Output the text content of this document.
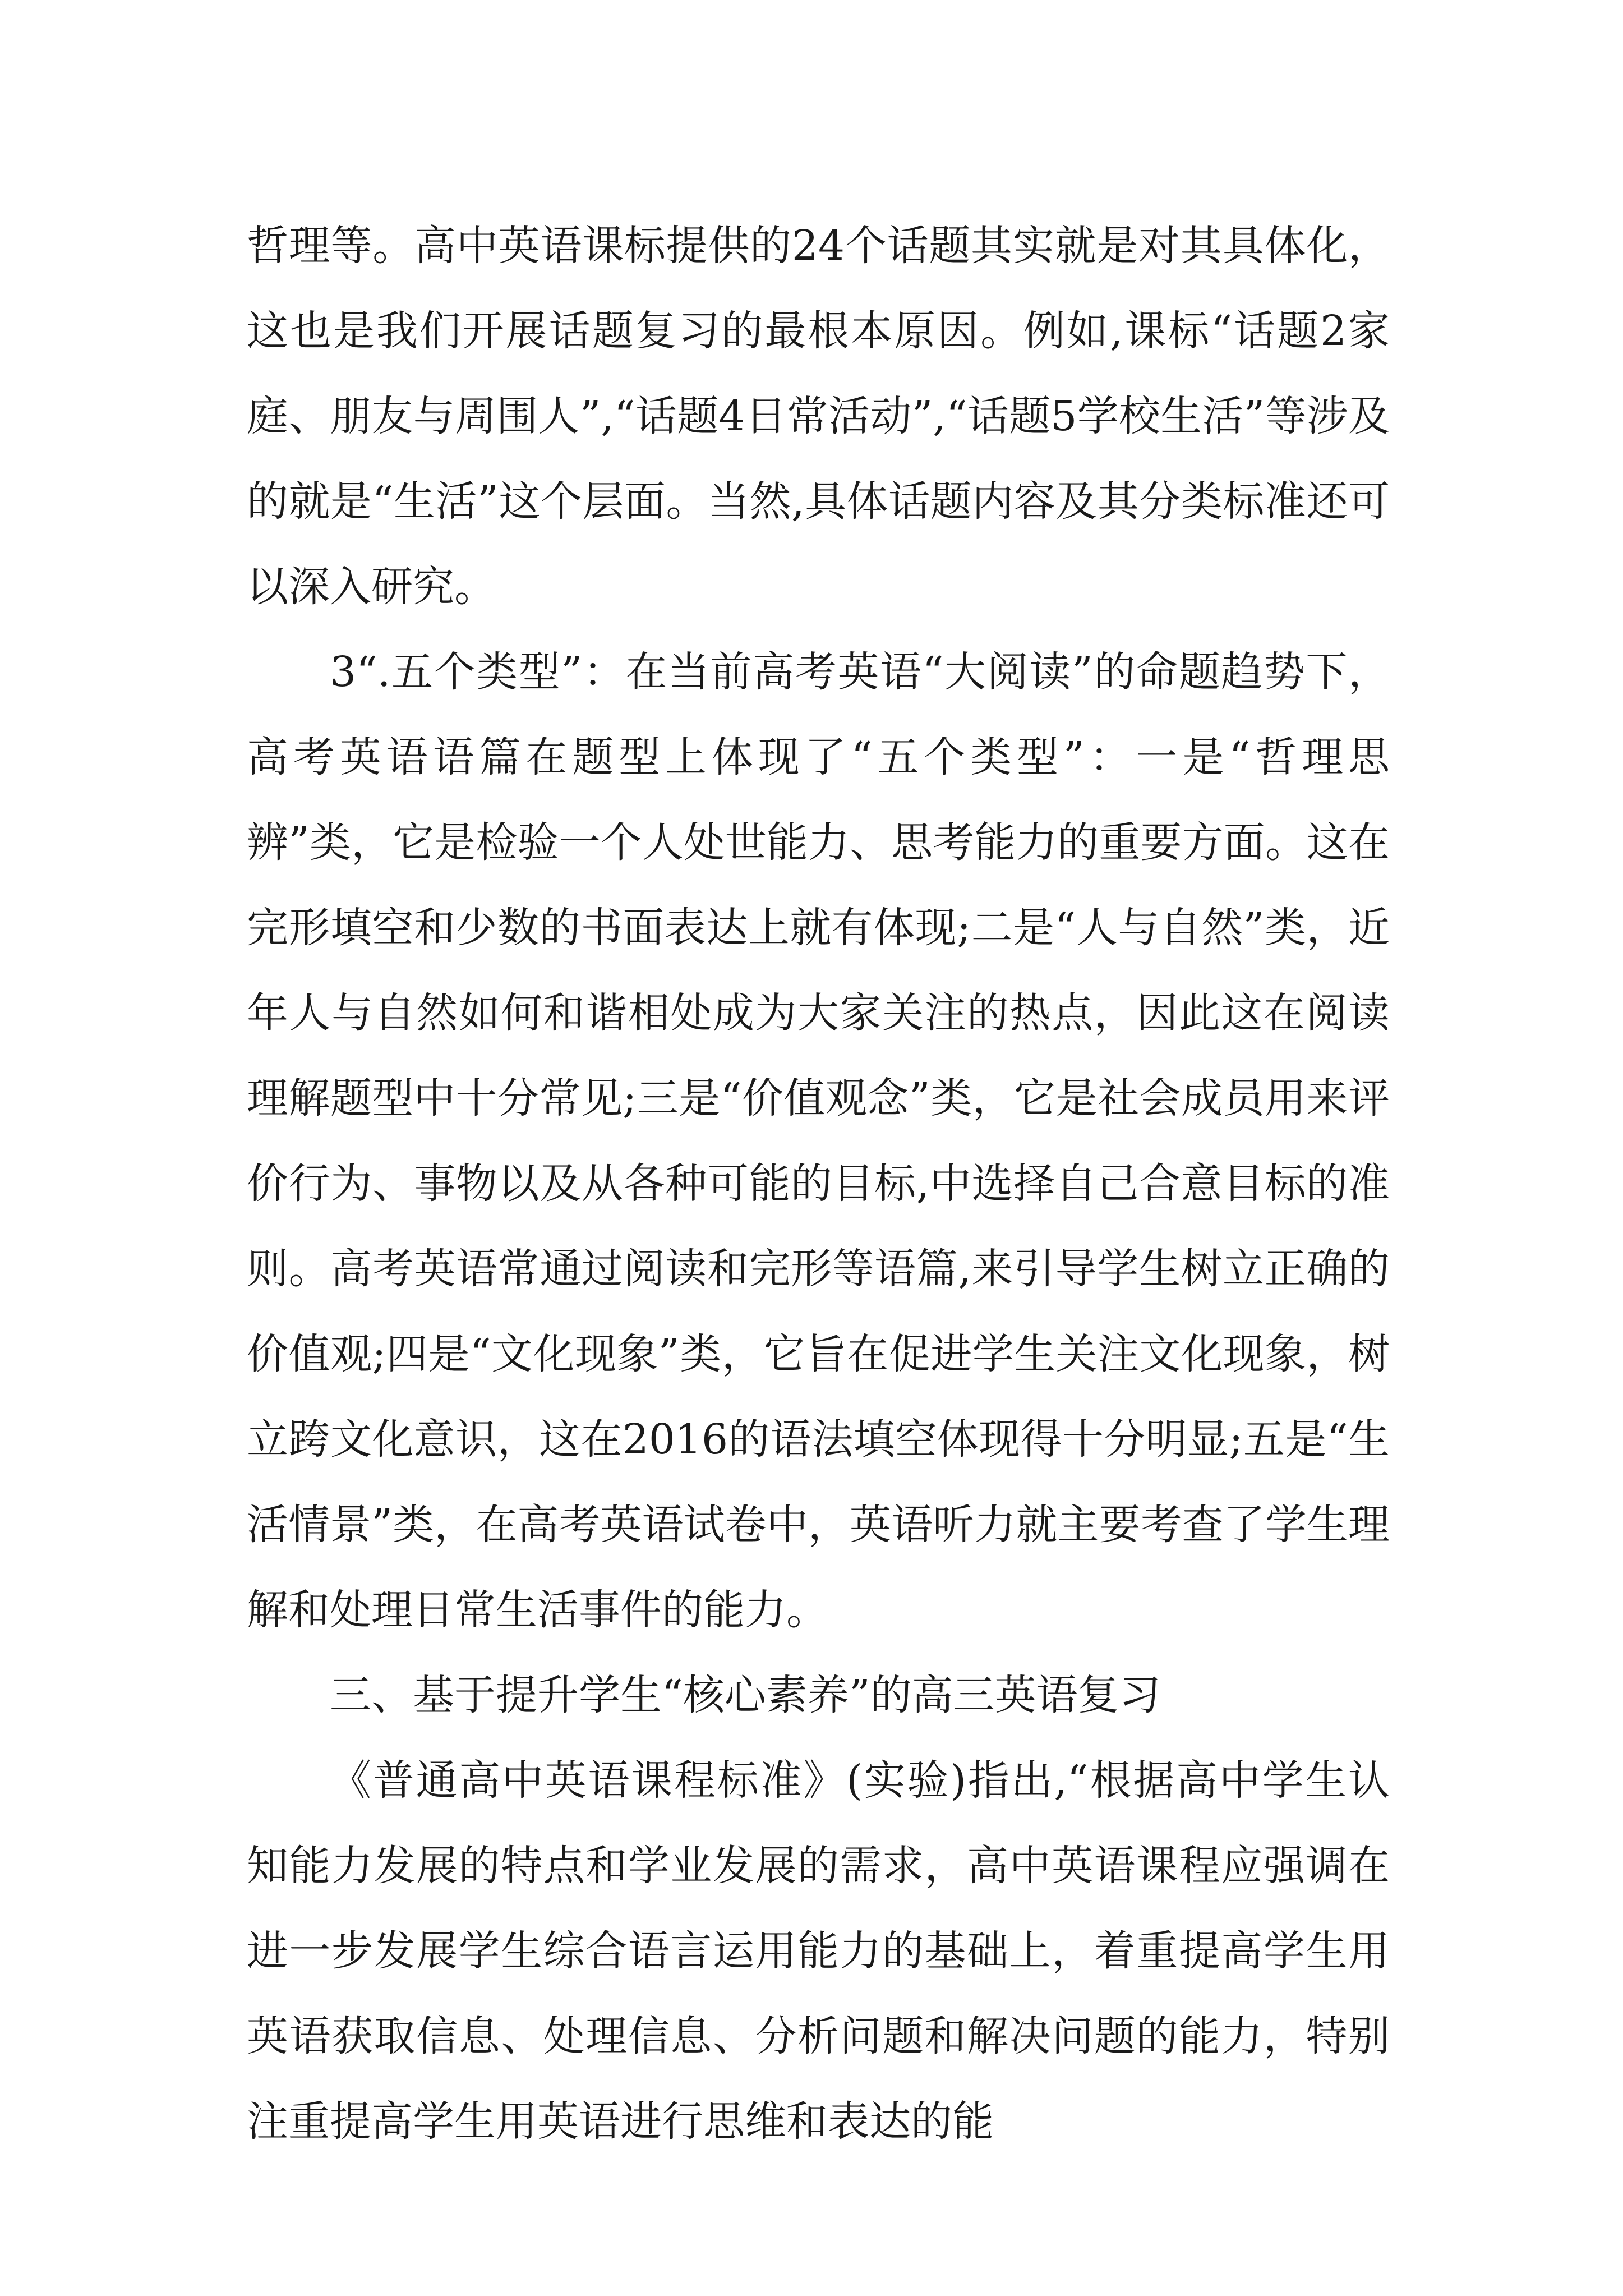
哲理等。高中英语课标提供的24个话题其实就是对其具体化，这也是我们开展话题复习的最根本原因。例如,课标“话题2家庭、朋友与周围人”,“话题4日常活动”,“话题5学校生活”等涉及的就是“生活”这个层面。当然,具体话题内容及其分类标准还可以深入研究。

3“.五个类型”：在当前高考英语“大阅读”的命题趋势下，高考英语语篇在题型上体现了“五个类型”：一是“哲理思辨”类，它是检验一个人处世能力、思考能力的重要方面。这在完形填空和少数的书面表达上就有体现;二是“人与自然”类，近年人与自然如何和谐相处成为大家关注的热点，因此这在阅读理解题型中十分常见;三是“价值观念”类，它是社会成员用来评价行为、事物以及从各种可能的目标,中选择自己合意目标的准则。高考英语常通过阅读和完形等语篇,来引导学生树立正确的价值观;四是“文化现象”类，它旨在促进学生关注文化现象，树立跨文化意识，这在2016的语法填空体现得十分明显;五是“生活情景”类，在高考英语试卷中，英语听力就主要考查了学生理解和处理日常生活事件的能力。

三、基于提升学生“核心素养”的高三英语复习

《普通高中英语课程标准》(实验)指出,“根据高中学生认知能力发展的特点和学业发展的需求，高中英语课程应强调在进一步发展学生综合语言运用能力的基础上，着重提高学生用英语获取信息、处理信息、分析问题和解决问题的能力，特别注重提高学生用英语进行思维和表达的能
